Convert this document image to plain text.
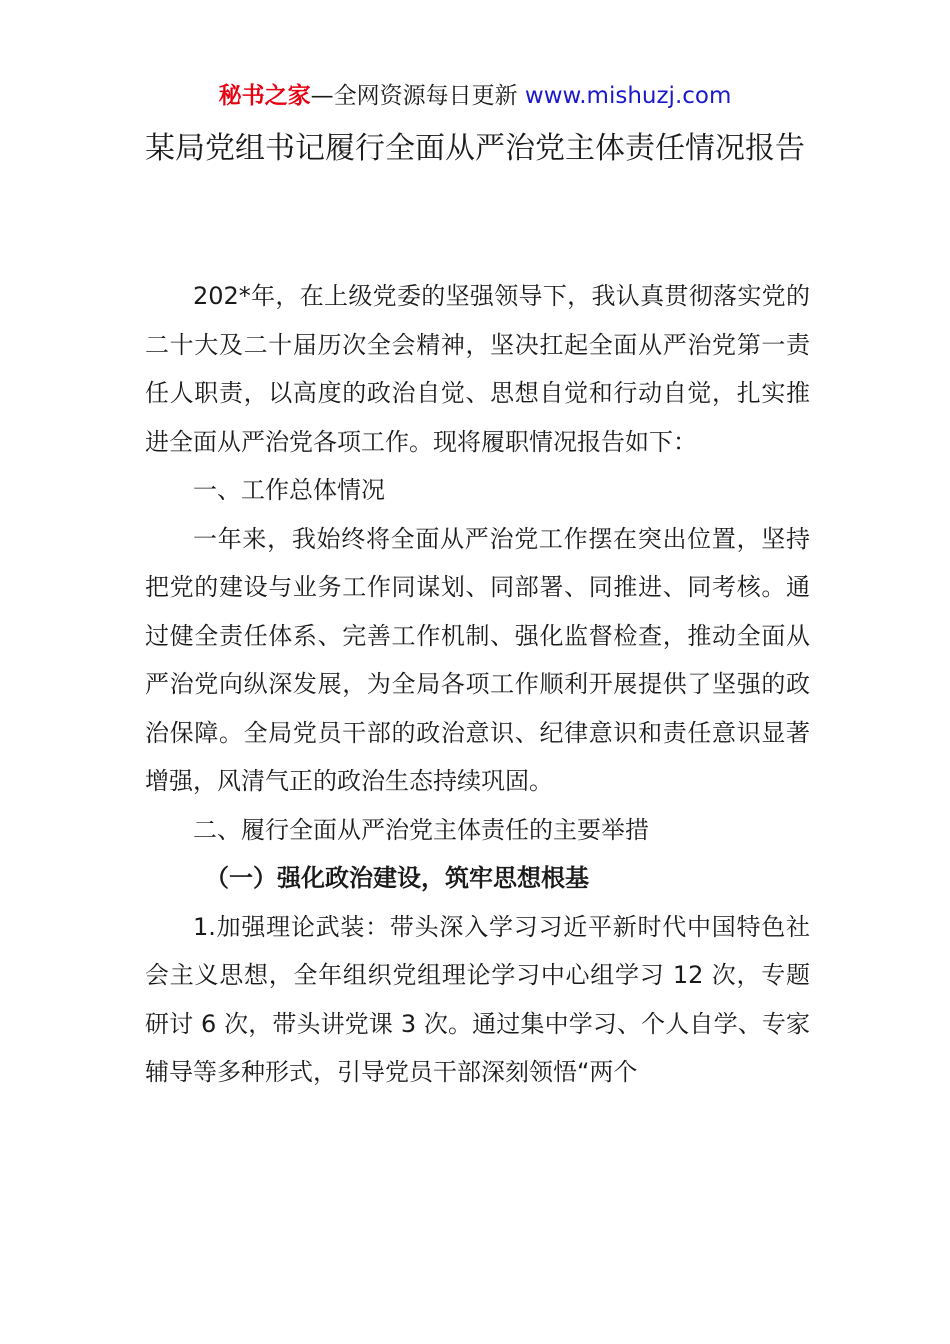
秘书之家—全网资源每日更新 www.mishuzj.com
某局党组书记履行全面从严治党主体责任情况报告

202*年，在上级党委的坚强领导下，我认真贯彻落实党的二十大及二十届历次全会精神，坚决扛起全面从严治党第一责任人职责，以高度的政治自觉、思想自觉和行动自觉，扎实推进全面从严治党各项工作。现将履职情况报告如下：

一、工作总体情况

一年来，我始终将全面从严治党工作摆在突出位置，坚持把党的建设与业务工作同谋划、同部署、同推进、同考核。通过健全责任体系、完善工作机制、强化监督检查，推动全面从严治党向纵深发展，为全局各项工作顺利开展提供了坚强的政治保障。全局党员干部的政治意识、纪律意识和责任意识显著增强，风清气正的政治生态持续巩固。

二、履行全面从严治党主体责任的主要举措

（一）强化政治建设，筑牢思想根基

1.加强理论武装：带头深入学习习近平新时代中国特色社会主义思想，全年组织党组理论学习中心组学习 12 次，专题研讨 6 次，带头讲党课 3 次。通过集中学习、个人自学、专家辅导等多种形式，引导党员干部深刻领悟“两个
